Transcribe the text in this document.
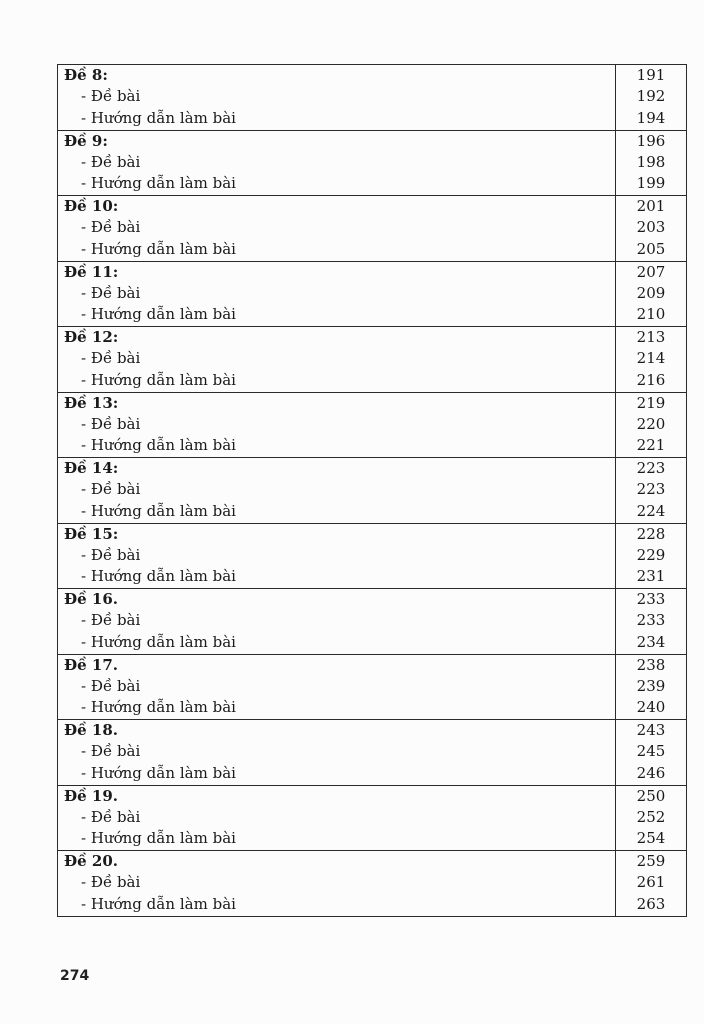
Đề 8:
- Đề bài
- Hướng dẫn làm bài
191
192
194
Đề 9:
- Đề bài
- Hướng dẫn làm bài
196
198
199
Đề 10:
- Đề bài
- Hướng dẫn làm bài
201
203
205
Đề 11:
- Đề bài
- Hướng dẫn làm bài
207
209
210
Đề 12:
- Đề bài
- Hướng dẫn làm bài
213
214
216
Đề 13:
- Đề bài
- Hướng dẫn làm bài
219
220
221
Đề 14:
- Đề bài
- Hướng dẫn làm bài
223
223
224
Đề 15:
- Đề bài
- Hướng dẫn làm bài
228
229
231
Đề 16.
- Đề bài
- Hướng dẫn làm bài
233
233
234
Đề 17.
- Đề bài
- Hướng dẫn làm bài
238
239
240
Đề 18.
- Đề bài
- Hướng dẫn làm bài
243
245
246
Đề 19.
- Đề bài
- Hướng dẫn làm bài
250
252
254
Đề 20.
- Đề bài
- Hướng dẫn làm bài
259
261
263
274
